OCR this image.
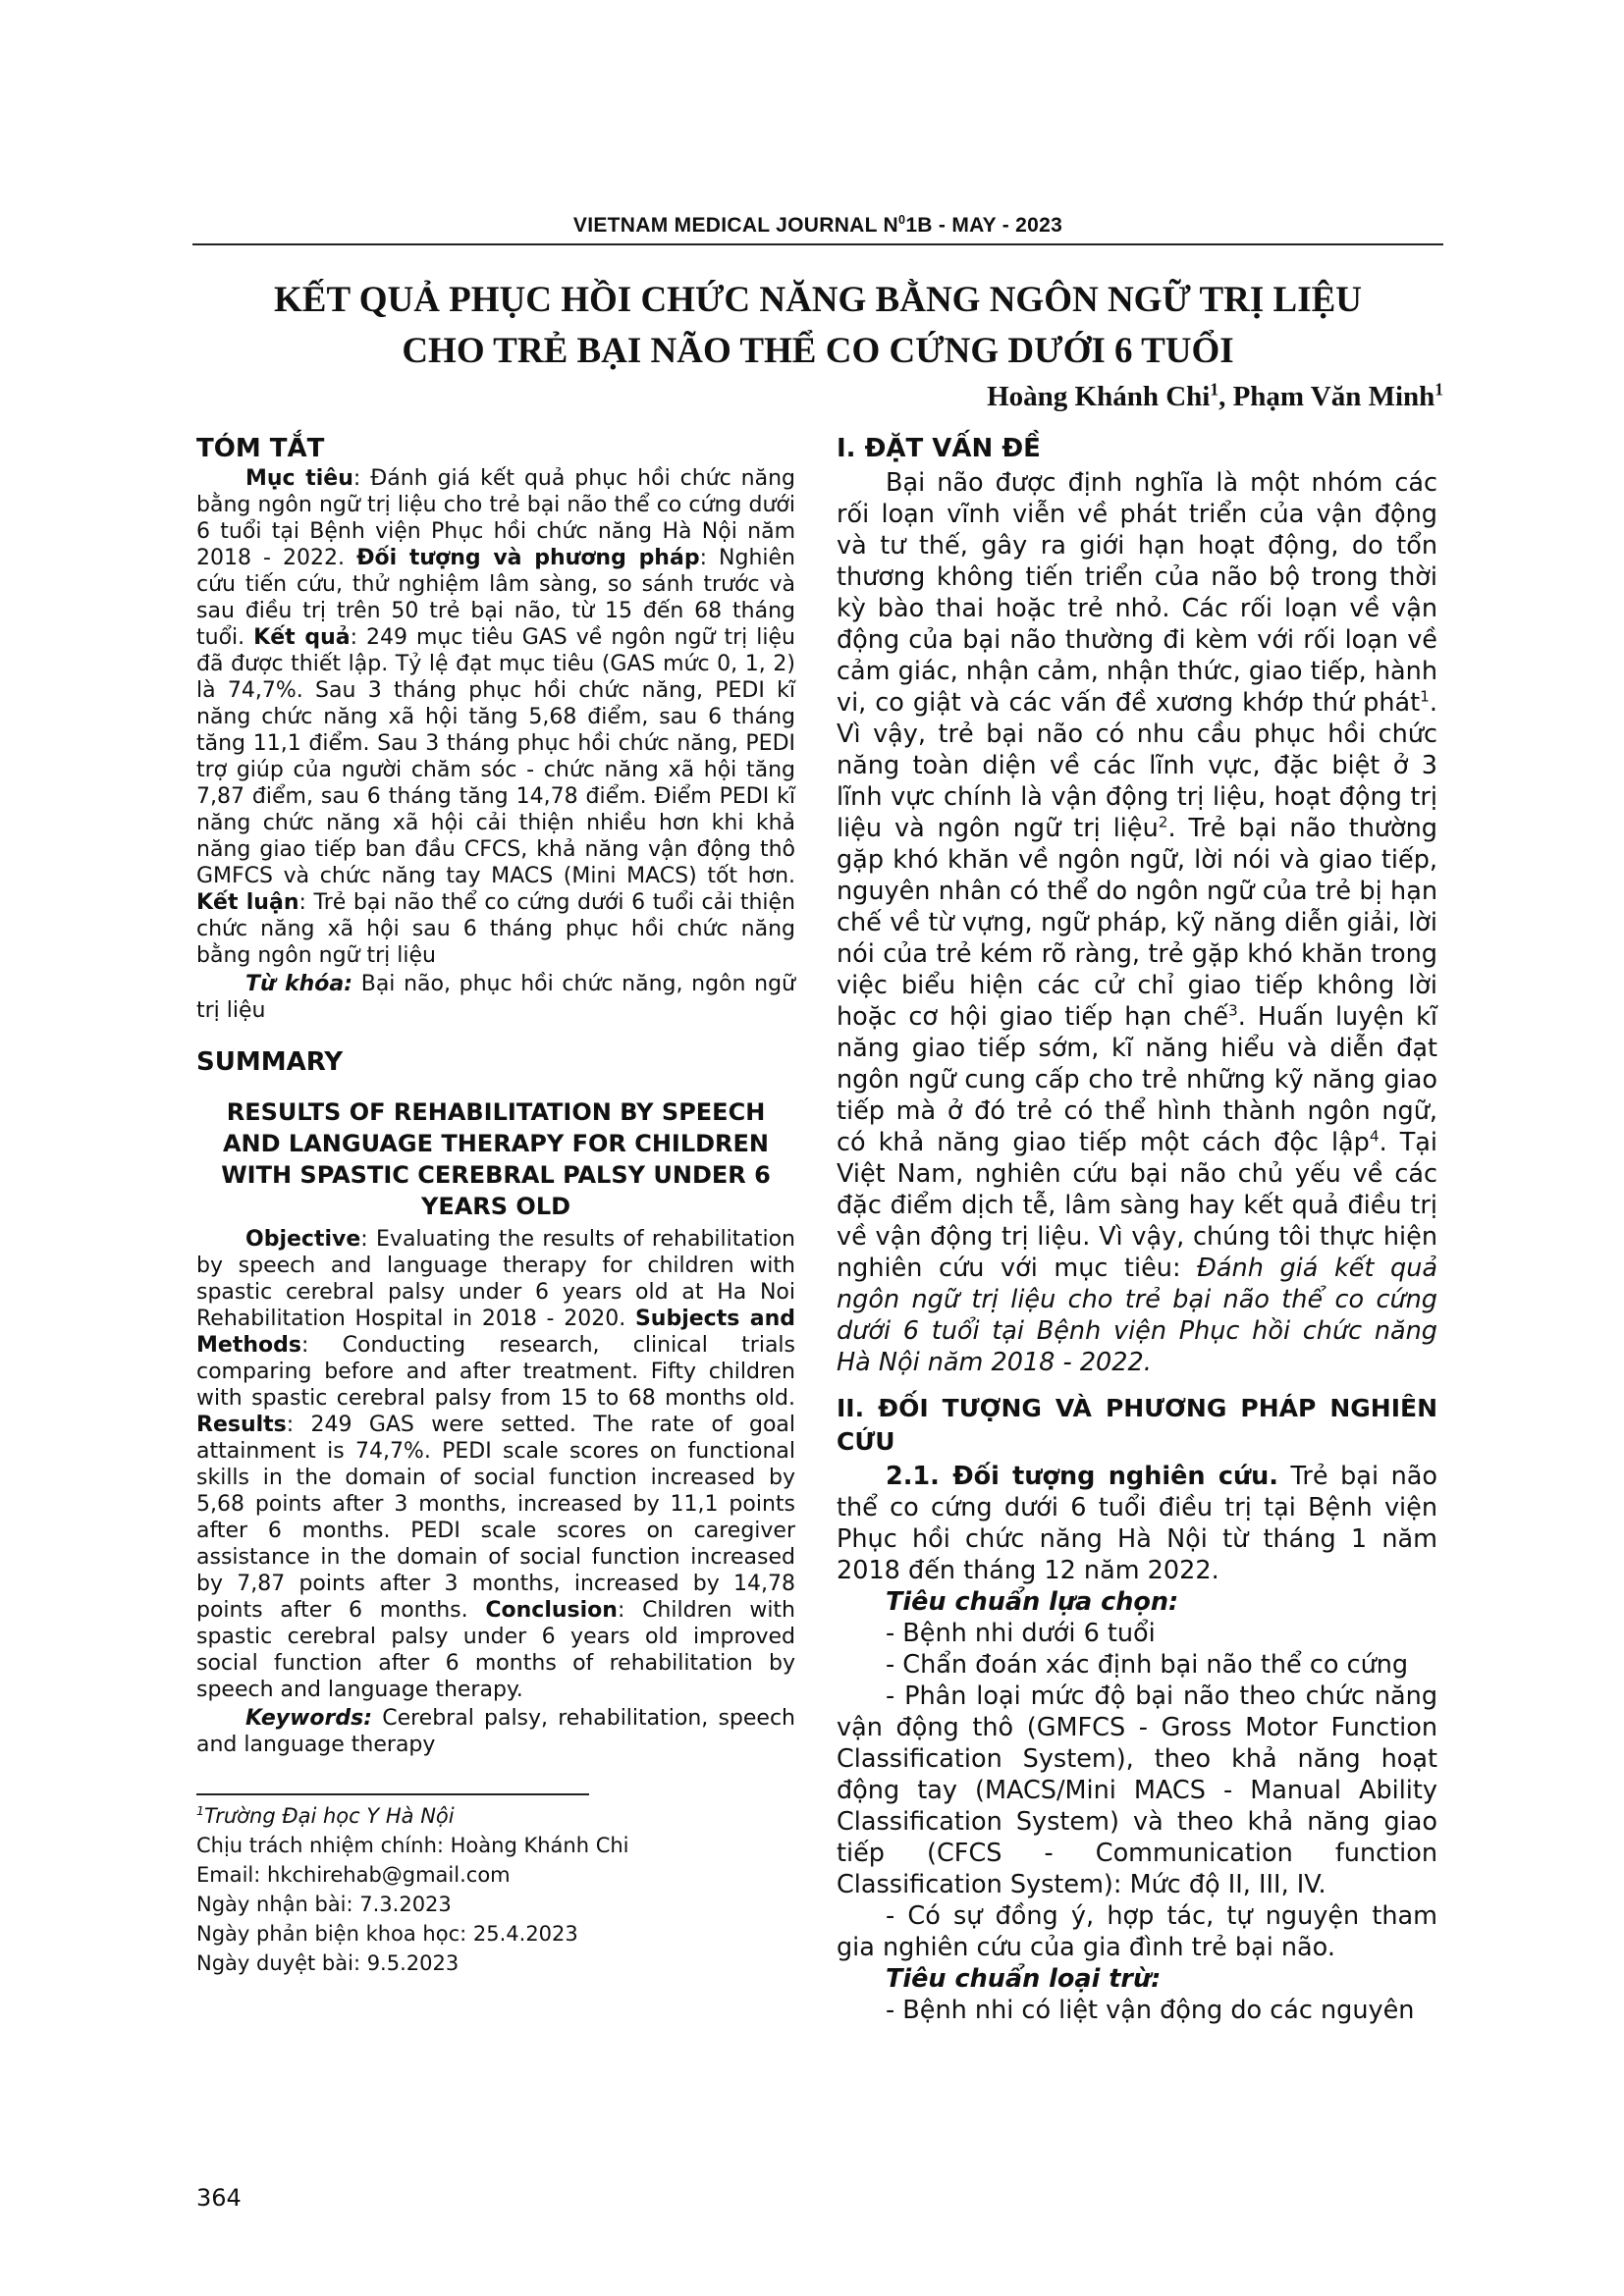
VIETNAM MEDICAL JOURNAL $N^01B$ - MAY - 2023
KẾT QUẢ PHỤC HỒI CHỨC NĂNG BẰNG NGÔN NGỮ TRỊ LIỆU
CHO TRẺ BẠI NÃO THỂ CO CỨNG DƯỚI 6 TUỔI
Hoàng Khánh Chi$^1$, Phạm Văn Minh$^1$
TÓM TẮT

Mục tiêu: Đánh giá kết quả phục hồi chức năng bằng ngôn ngữ trị liệu cho trẻ bại não thể co cứng dưới 6 tuổi tại Bệnh viện Phục hồi chức năng Hà Nội năm 2018 - 2022. Đối tượng và phương pháp: Nghiên cứu tiến cứu, thử nghiệm lâm sàng, so sánh trước và sau điều trị trên 50 trẻ bại não, từ 15 đến 68 tháng tuổi. Kết quả: 249 mục tiêu GAS về ngôn ngữ trị liệu đã được thiết lập. Tỷ lệ đạt mục tiêu (GAS mức 0, 1, 2) là 74,7%. Sau 3 tháng phục hồi chức năng, PEDI kĩ năng chức năng xã hội tăng 5,68 điểm, sau 6 tháng tăng 11,1 điểm. Sau 3 tháng phục hồi chức năng, PEDI trợ giúp của người chăm sóc - chức năng xã hội tăng 7,87 điểm, sau 6 tháng tăng 14,78 điểm. Điểm PEDI kĩ năng chức năng xã hội cải thiện nhiều hơn khi khả năng giao tiếp ban đầu CFCS, khả năng vận động thô GMFCS và chức năng tay MACS (Mini MACS) tốt hơn. Kết luận: Trẻ bại não thể co cứng dưới 6 tuổi cải thiện chức năng xã hội sau 6 tháng phục hồi chức năng bằng ngôn ngữ trị liệu

Từ khóa: Bại não, phục hồi chức năng, ngôn ngữ trị liệu

SUMMARY
RESULTS OF REHABILITATION BY SPEECH AND LANGUAGE THERAPY FOR CHILDREN WITH SPASTIC CEREBRAL PALSY UNDER 6 YEARS OLD

Objective: Evaluating the results of rehabilitation by speech and language therapy for children with spastic cerebral palsy under 6 years old at Ha Noi Rehabilitation Hospital in 2018 - 2020. Subjects and Methods: Conducting research, clinical trials comparing before and after treatment. Fifty children with spastic cerebral palsy from 15 to 68 months old. Results: 249 GAS were setted. The rate of goal attainment is 74,7%. PEDI scale scores on functional skills in the domain of social function increased by 5,68 points after 3 months, increased by 11,1 points after 6 months. PEDI scale scores on caregiver assistance in the domain of social function increased by 7,87 points after 3 months, increased by 14,78 points after 6 months. Conclusion: Children with spastic cerebral palsy under 6 years old improved social function after 6 months of rehabilitation by speech and language therapy.

Keywords: Cerebral palsy, rehabilitation, speech and language therapy

$^1$Trường Đại học Y Hà Nội
Chịu trách nhiệm chính: Hoàng Khánh Chi
Email: hkchirehab@gmail.com
Ngày nhận bài: 7.3.2023
Ngày phản biện khoa học: 25.4.2023
Ngày duyệt bài: 9.5.2023
I. ĐẶT VẤN ĐỀ

Bại não được định nghĩa là một nhóm các rối loạn vĩnh viễn về phát triển của vận động và tư thế, gây ra giới hạn hoạt động, do tổn thương không tiến triển của não bộ trong thời kỳ bào thai hoặc trẻ nhỏ. Các rối loạn về vận động của bại não thường đi kèm với rối loạn về cảm giác, nhận cảm, nhận thức, giao tiếp, hành vi, co giật và các vấn đề xương khớp thứ phát$^1$. Vì vậy, trẻ bại não có nhu cầu phục hồi chức năng toàn diện về các lĩnh vực, đặc biệt ở 3 lĩnh vực chính là vận động trị liệu, hoạt động trị liệu và ngôn ngữ trị liệu$^2$. Trẻ bại não thường gặp khó khăn về ngôn ngữ, lời nói và giao tiếp, nguyên nhân có thể do ngôn ngữ của trẻ bị hạn chế về từ vựng, ngữ pháp, kỹ năng diễn giải, lời nói của trẻ kém rõ ràng, trẻ gặp khó khăn trong việc biểu hiện các cử chỉ giao tiếp không lời hoặc cơ hội giao tiếp hạn chế$^3$. Huấn luyện kĩ năng giao tiếp sớm, kĩ năng hiểu và diễn đạt ngôn ngữ cung cấp cho trẻ những kỹ năng giao tiếp mà ở đó trẻ có thể hình thành ngôn ngữ, có khả năng giao tiếp một cách độc lập$^4$. Tại Việt Nam, nghiên cứu bại não chủ yếu về các đặc điểm dịch tễ, lâm sàng hay kết quả điều trị về vận động trị liệu. Vì vậy, chúng tôi thực hiện nghiên cứu với mục tiêu: Đánh giá kết quả ngôn ngữ trị liệu cho trẻ bại não thể co cứng dưới 6 tuổi tại Bệnh viện Phục hồi chức năng Hà Nội năm 2018 - 2022.

II. ĐỐI TƯỢNG VÀ PHƯƠNG PHÁP NGHIÊN CỨU

2.1. Đối tượng nghiên cứu. Trẻ bại não thể co cứng dưới 6 tuổi điều trị tại Bệnh viện Phục hồi chức năng Hà Nội từ tháng 1 năm 2018 đến tháng 12 năm 2022.

Tiêu chuẩn lựa chọn:

- Bệnh nhi dưới 6 tuổi

- Chẩn đoán xác định bại não thể co cứng

- Phân loại mức độ bại não theo chức năng vận động thô (GMFCS - Gross Motor Function Classification System), theo khả năng hoạt động tay (MACS/Mini MACS - Manual Ability Classification System) và theo khả năng giao tiếp (CFCS - Communication function Classification System): Mức độ II, III, IV.

- Có sự đồng ý, hợp tác, tự nguyện tham gia nghiên cứu của gia đình trẻ bại não.

Tiêu chuẩn loại trừ:

- Bệnh nhi có liệt vận động do các nguyên

364
